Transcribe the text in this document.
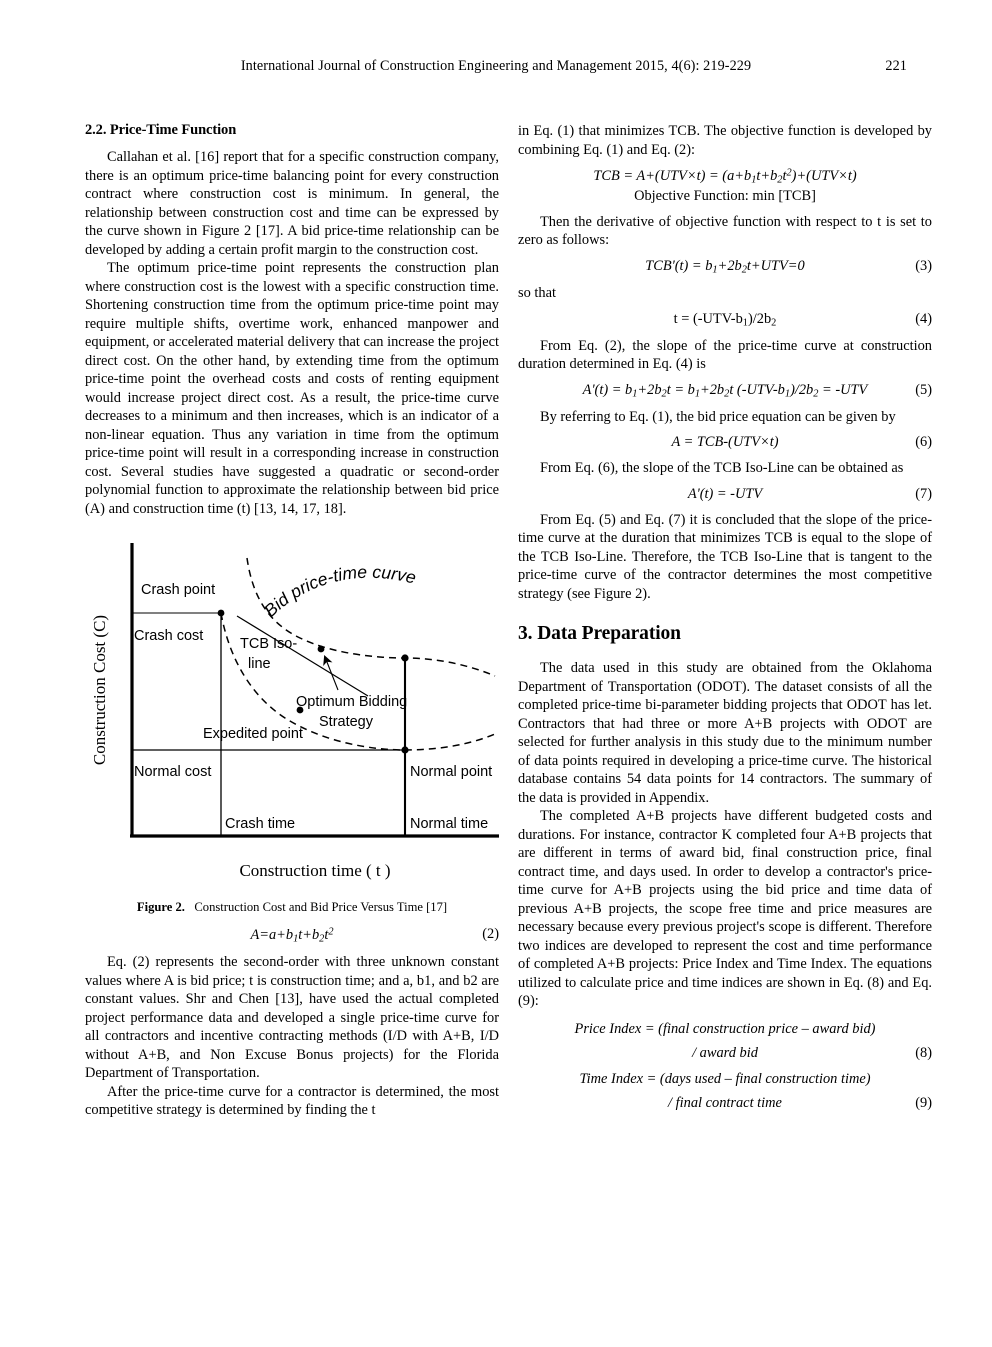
International Journal of Construction Engineering and Management 2015, 4(6): 219-229	221
2.2. Price-Time Function

Callahan et al. [16] report that for a specific construction company, there is an optimum price-time balancing point for every construction contract where construction cost is minimum. In general, the relationship between construction cost and time can be expressed by the curve shown in Figure 2 [17]. A bid price-time relationship can be developed by adding a certain profit margin to the construction cost.

The optimum price-time point represents the construction plan where construction cost is the lowest with a specific construction time. Shortening construction time from the optimum price-time point may require multiple shifts, overtime work, enhanced manpower and equipment, or accelerated material delivery that can increase the project direct cost. On the other hand, by extending time from the optimum price-time point the overhead costs and costs of renting equipment would increase project direct cost. As a result, the price-time curve decreases to a minimum and then increases, which is an indicator of a non-linear equation. Thus any variation in time from the optimum price-time point will result in a corresponding increase in construction cost. Several studies have suggested a quadratic or second-order polynomial function to approximate the relationship between bid price (A) and construction time (t) [13, 14, 17, 18].

Construction Cost (C)
Crash point
Crash cost	TCB Iso-
line
Bid price-time curve
Optimum Bidding
Strategy
Expedited point
Normal cost	Normal point
Crash time	Normal time
Construction time ( t )
Figure 2. Construction Cost and Bid Price Versus Time [17]
$A=a+b_1t+b_2t^2$	(2)

Eq. (2) represents the second-order with three unknown constant values where A is bid price; t is construction time; and a, b1, and b2 are constant values. Shr and Chen [13], have used the actual completed project performance data and developed a single price-time curve for all contractors and incentive contracting methods (I/D with A+B, I/D without A+B, and Non Excuse Bonus projects) for the Florida Department of Transportation.

After the price-time curve for a contractor is determined, the most competitive strategy is determined by finding the t

in Eq. (1) that minimizes TCB. The objective function is developed by combining Eq. (1) and Eq. (2):

TCB = $A+(UTV\times t) = (a+b_1t+b_2t^2)+(UTV\times t)$
Objective Function: min [TCB]

Then the derivative of objective function with respect to t is set to zero as follows:

$TCB'(t) = b_1+2b_2t+UTV=0$	(3)

so that

$t = (-UTV-b_1)/2b_2$	(4)

From Eq. (2), the slope of the price-time curve at construction duration determined in Eq. (4) is

$A'(t) = b_1+2b_2t = b_1+2b_2t$ $(-UTV-b_1)/2b_2 = -UTV$	(5)

By referring to Eq. (1), the bid price equation can be given by

A = TCB-(UTV×t)	(6)

From Eq. (6), the slope of the TCB Iso-Line can be obtained as

A'(t) = -UTV	(7)

From Eq. (5) and Eq. (7) it is concluded that the slope of the price-time curve at the duration that minimizes TCB is equal to the slope of the TCB Iso-Line. Therefore, the TCB Iso-Line that is tangent to the price-time curve of the contractor determines the most competitive strategy (see Figure 2).

3. Data Preparation

The data used in this study are obtained from the Oklahoma Department of Transportation (ODOT). The dataset consists of all the completed price-time bi-parameter bidding projects that ODOT has let. Contractors that had three or more A+B projects with ODOT are selected for further analysis in this study due to the minimum number of data points required in developing a price-time curve. The historical database contains 54 data points for 14 contractors. The summary of the data is provided in Appendix.

The completed A+B projects have different budgeted costs and durations. For instance, contractor K completed four A+B projects that are different in terms of award bid, final construction price, final contract time, and days used. In order to develop a contractor's price-time curve for A+B projects using the bid price and time data of previous A+B projects, the scope free time and price measures are necessary because every previous project's scope is different. Therefore two indices are developed to represent the cost and time performance of completed A+B projects: Price Index and Time Index. The equations utilized to calculate price and time indices are shown in Eq. (8) and Eq. (9):

Price Index = (final construction price – award bid)
/ award bid	(8)
Time Index = (days used – final construction time)
/ final contract time	(9)
